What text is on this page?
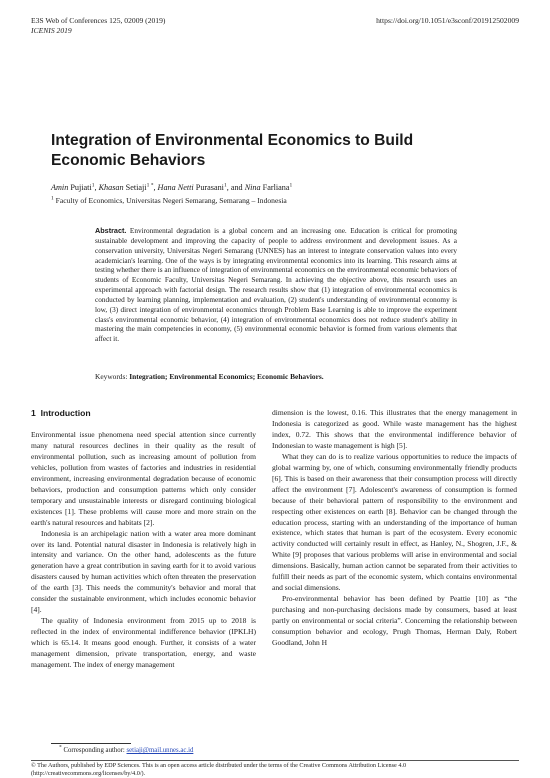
E3S Web of Conferences 125, 02009 (2019)
ICENIS 2019
https://doi.org/10.1051/e3sconf/201912502009
Integration of Environmental Economics to Build Economic Behaviors
Amin Pujiati$^1$, Khasan Setiaji$^{1 *}$, Hana Netti Purasani$^1$, and Nina Farliana$^1$
$^1$ Faculty of Economics, Universitas Negeri Semarang, Semarang – Indonesia
Abstract. Environmental degradation is a global concern and an increasing one. Education is critical for promoting sustainable development and improving the capacity of people to address environment and development issues. As a conservation university, Universitas Negeri Semarang (UNNES) has an interest to integrate conservation values into every academician's learning. One of the ways is by integrating environmental economics into its learning. This research aims at testing whether there is an influence of integration of environmental economics on the environmental economic behaviors of students of Economic Faculty, Universitas Negeri Semarang. In achieving the objective above, this research uses an experimental approach with factorial design. The research results show that (1) integration of environmental economics is conducted by learning planning, implementation and evaluation, (2) student's understanding of environmental economy is low, (3) direct integration of environmental economics through Problem Base Learning is able to improve the experiment class's environmental economic behavior, (4) integration of environmental economics does not reduce student's ability in mastering the main competencies in economy, (5) environmental economic behavior is formed from various elements that affect it.
Keywords: Integration; Environmental Economics; Economic Behaviors.
1 Introduction

Environmental issue phenomena need special attention since currently many natural resources declines in their quality as the result of environmental pollution, such as increasing amount of pollution from vehicles, pollution from wastes of factories and industries in residential environment, increasing environmental degradation because of economic behaviors, production and consumption patterns which only consider temporary and unsustainable interests or disregard continuing biological existences [1]. These problems will cause more and more strain on the earth's natural resources and habitats [2].

Indonesia is an archipelagic nation with a water area more dominant over its land. Potential natural disaster in Indonesia is relatively high in intensity and variance. On the other hand, adolescents as the future generation have a great contribution in saving earth for it to avoid various disasters caused by human activities which often threaten the preservation of the earth [3]. This needs the community's behavior and moral that consider the sustainable environment, which includes economic behavior [4].

The quality of Indonesia environment from 2015 up to 2018 is reflected in the index of environmental indifference behavior (IPKLH) which is 65.14. It means good enough. Further, it consists of a water management dimension, private transportation, energy, and waste management. The index of energy management

dimension is the lowest, 0.16. This illustrates that the energy management in Indonesia is categorized as good. While waste management has the highest index, 0.72. This shows that the environmental indifference behavior of Indonesian to waste management is high [5].

What they can do is to realize various opportunities to reduce the impacts of global warming by, one of which, consuming environmentally friendly products [6]. This is based on their awareness that their consumption process will directly affect the environment [7]. Adolescent's awareness of consumption is formed because of their behavioral pattern of responsibility to the environment and respecting other existences on earth [8]. Behavior can be changed through the education process, starting with an understanding of the importance of human existence, which states that human is part of the ecosystem. Every economic activity conducted will certainly result in effect, as Hanley, N., Shogren, J.F., & White [9] proposes that various problems will arise in environmental and social dimensions. Basically, human action cannot be separated from their activities to fulfill their needs as part of the economic system, which contains environmental and social dimensions.

Pro-environmental behavior has been defined by Peattie [10] as “the purchasing and non-purchasing decisions made by consumers, based at least partly on environmental or social criteria”. Concerning the relationship between consumption behavior and ecology, Prugh Thomas, Herman Daly, Robert Goodland, John H

* Corresponding author: setiaji@mail.unnes.ac.id
© The Authors, published by EDP Sciences. This is an open access article distributed under the terms of the Creative Commons Attribution License 4.0 (http://creativecommons.org/licenses/by/4.0/).
